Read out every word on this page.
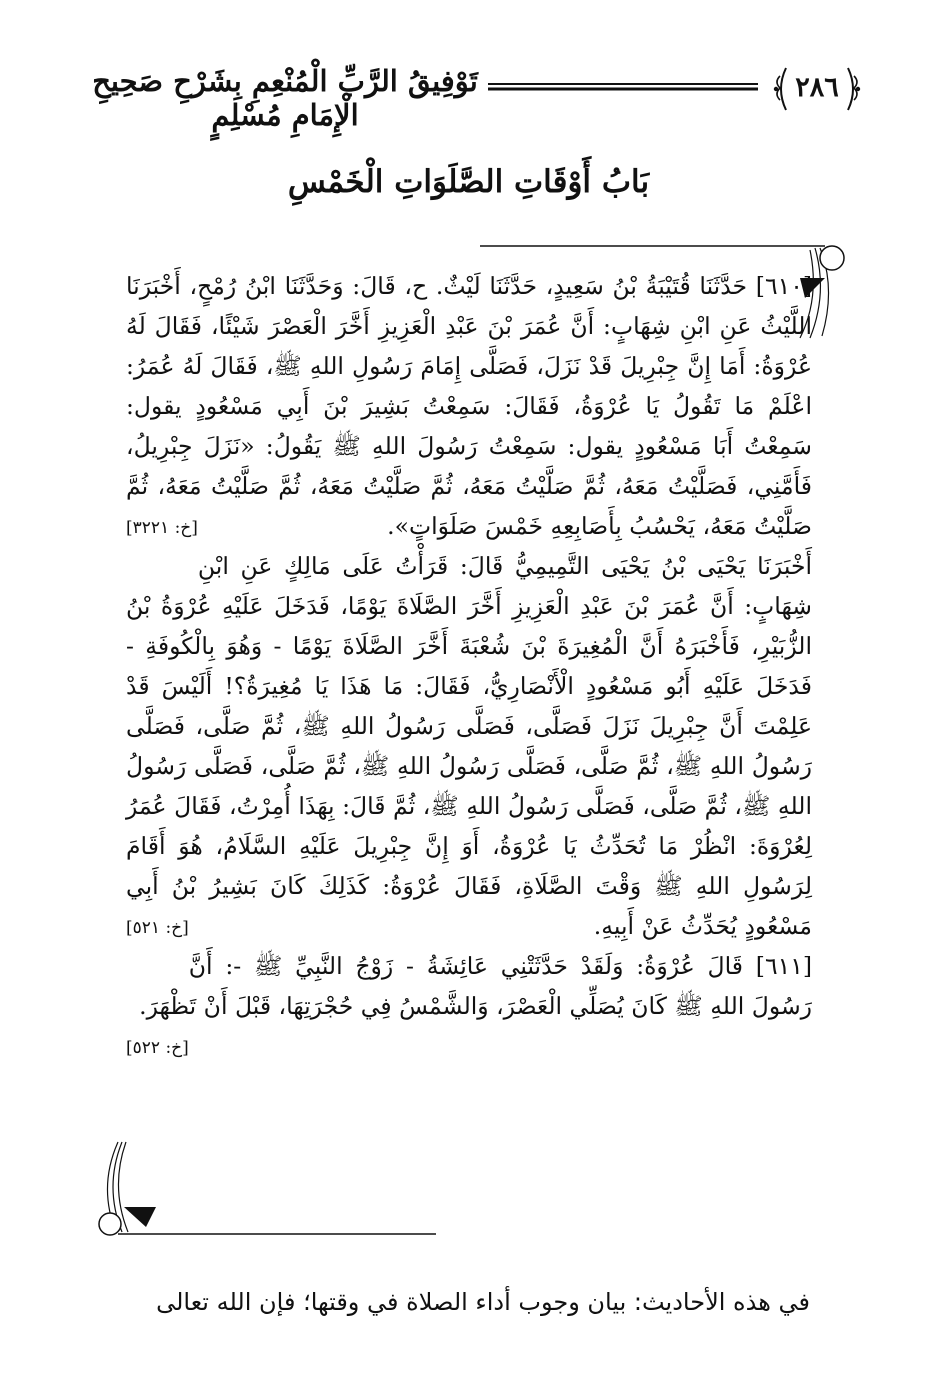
٢٨٦
تَوْفِيقُ الرَّبِّ الْمُنْعِمِ بِشَرْحِ صَحِيحِ الْإِمَامِ مُسْلِمٍ
بَابُ أَوْقَاتِ الصَّلَوَاتِ الْخَمْسِ

[٦١٠] حَدَّثَنَا قُتَيْبَةُ بْنُ سَعِيدٍ، حَدَّثَنَا لَيْثٌ. ح، قَالَ: وَحَدَّثَنَا ابْنُ رُمْحٍ، أَخْبَرَنَا اللَّيْثُ عَنِ ابْنِ شِهَابٍ: أَنَّ عُمَرَ بْنَ عَبْدِ الْعَزِيزِ أَخَّرَ الْعَصْرَ شَيْئًا، فَقَالَ لَهُ عُرْوَةُ: أَمَا إِنَّ جِبْرِيلَ قَدْ نَزَلَ، فَصَلَّى إِمَامَ رَسُولِ اللهِ ﷺ، فَقَالَ لَهُ عُمَرُ: اعْلَمْ مَا تَقُولُ يَا عُرْوَةُ، فَقَالَ: سَمِعْتُ بَشِيرَ بْنَ أَبِي مَسْعُودٍ يقول: سَمِعْتُ أَبَا مَسْعُودٍ يقول: سَمِعْتُ رَسُولَ اللهِ ﷺ يَقُولُ: «نَزَلَ جِبْرِيلُ، فَأَمَّنِي، فَصَلَّيْتُ مَعَهُ، ثُمَّ صَلَّيْتُ مَعَهُ، ثُمَّ صَلَّيْتُ مَعَهُ، ثُمَّ صَلَّيْتُ مَعَهُ، ثُمَّ صَلَّيْتُ مَعَهُ، يَحْسُبُ بِأَصَابِعِهِ خَمْسَ صَلَوَاتٍ».
[خ: ٣٢٢١]

أَخْبَرَنَا يَحْيَى بْنُ يَحْيَى التَّمِيمِيُّ قَالَ: قَرَأْتُ عَلَى مَالِكٍ عَنِ ابْنِ شِهَابٍ: أَنَّ عُمَرَ بْنَ عَبْدِ الْعَزِيزِ أَخَّرَ الصَّلَاةَ يَوْمًا، فَدَخَلَ عَلَيْهِ عُرْوَةُ بْنُ الزُّبَيْرِ، فَأَخْبَرَهُ أَنَّ الْمُغِيرَةَ بْنَ شُعْبَةَ أَخَّرَ الصَّلَاةَ يَوْمًا - وَهُوَ بِالْكُوفَةِ - فَدَخَلَ عَلَيْهِ أَبُو مَسْعُودٍ الْأَنْصَارِيُّ، فَقَالَ: مَا هَذَا يَا مُغِيرَةُ؟! أَلَيْسَ قَدْ عَلِمْتَ أَنَّ جِبْرِيلَ نَزَلَ فَصَلَّى، فَصَلَّى رَسُولُ اللهِ ﷺ، ثُمَّ صَلَّى، فَصَلَّى رَسُولُ اللهِ ﷺ، ثُمَّ صَلَّى، فَصَلَّى رَسُولُ اللهِ ﷺ، ثُمَّ صَلَّى، فَصَلَّى رَسُولُ اللهِ ﷺ، ثُمَّ صَلَّى، فَصَلَّى رَسُولُ اللهِ ﷺ، ثُمَّ قَالَ: بِهَذَا أُمِرْتُ، فَقَالَ عُمَرُ لِعُرْوَةَ: انْظُرْ مَا تُحَدِّثُ يَا عُرْوَةُ، أَوَ إِنَّ جِبْرِيلَ عَلَيْهِ السَّلَامُ، هُوَ أَقَامَ لِرَسُولِ اللهِ ﷺ وَقْتَ الصَّلَاةِ، فَقَالَ عُرْوَةُ: كَذَلِكَ كَانَ بَشِيرُ بْنُ أَبِي مَسْعُودٍ يُحَدِّثُ عَنْ أَبِيهِ.
[خ: ٥٢١]

[٦١١] قَالَ عُرْوَةُ: وَلَقَدْ حَدَّثَتْنِي عَائِشَةُ - زَوْجُ النَّبِيِّ ﷺ -: أَنَّ رَسُولَ اللهِ ﷺ كَانَ يُصَلِّي الْعَصْرَ، وَالشَّمْسُ فِي حُجْرَتِهَا، قَبْلَ أَنْ تَظْهَرَ.

[خ: ٥٢٢]

في هذه الأحاديث: بيان وجوب أداء الصلاة في وقتها؛ فإن الله تعالى
